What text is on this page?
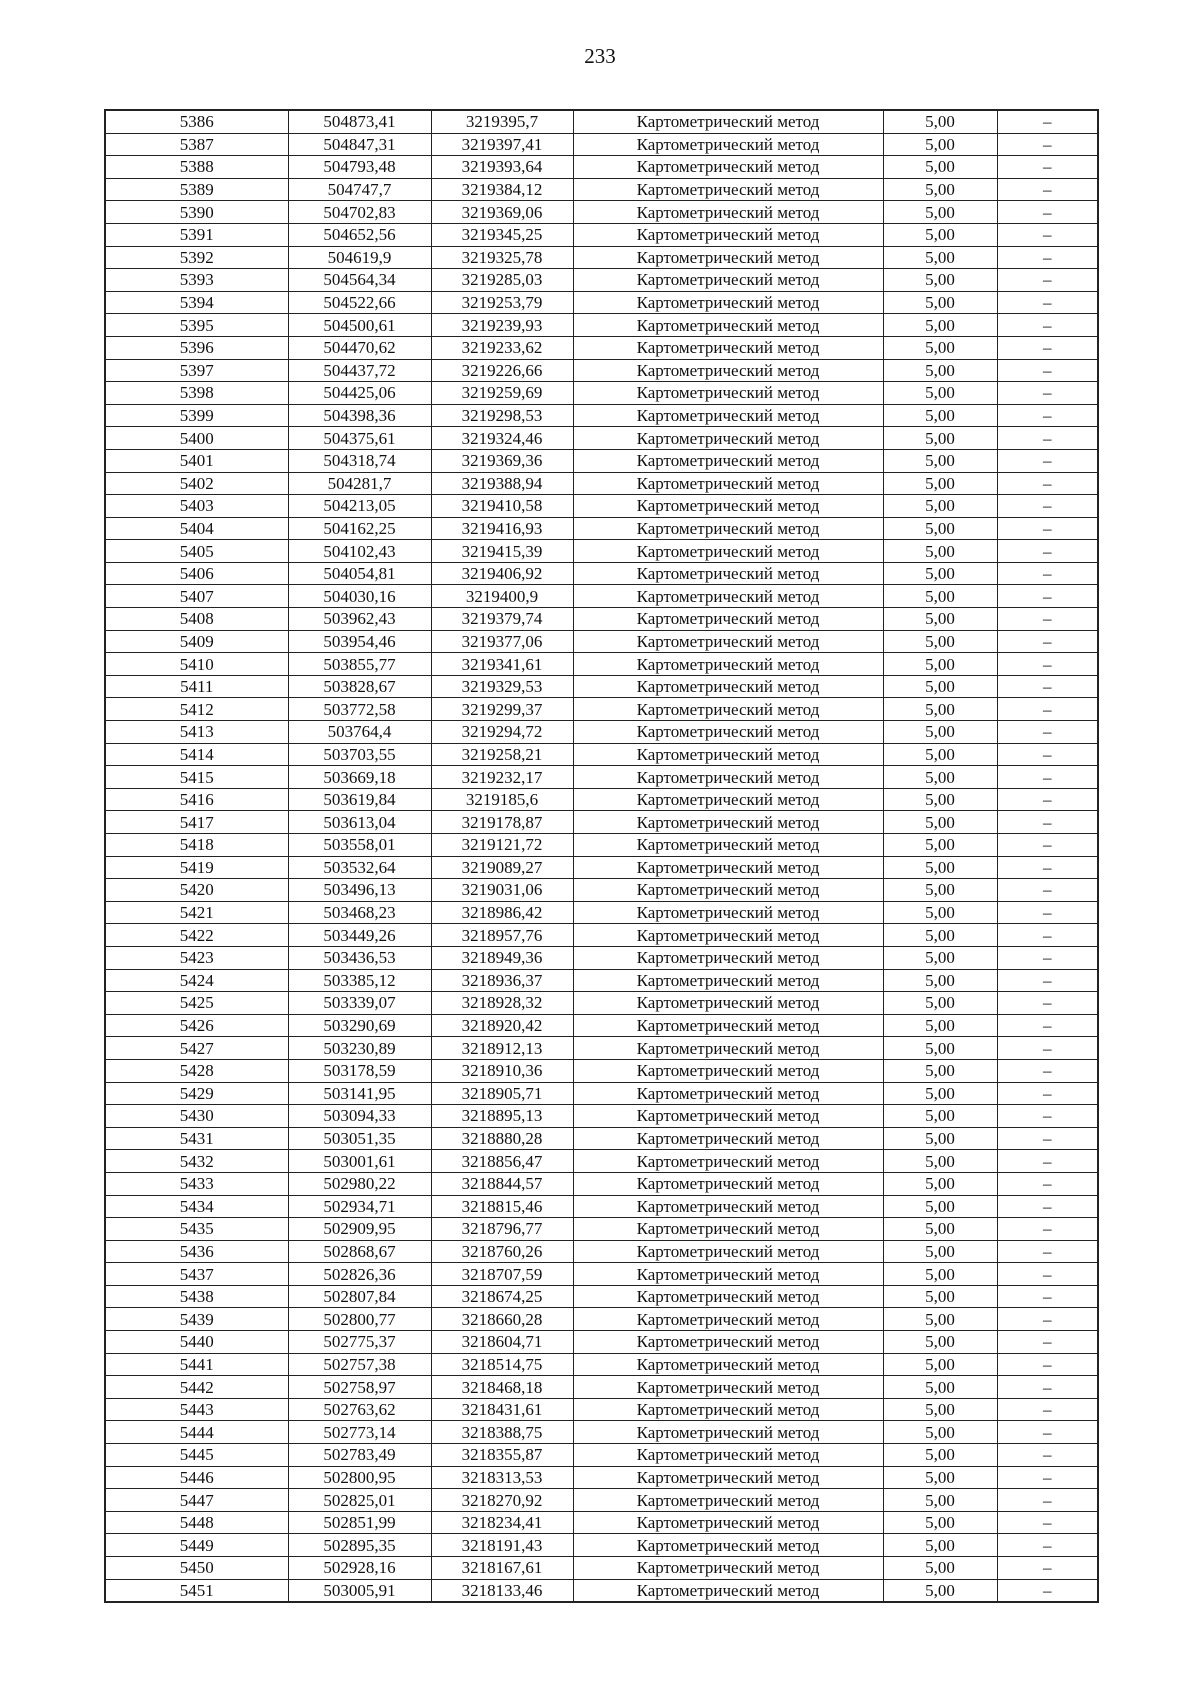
233
5386	504873,41	3219395,7	Картометрический метод	5,00	–
5387	504847,31	3219397,41	Картометрический метод	5,00	–
5388	504793,48	3219393,64	Картометрический метод	5,00	–
5389	504747,7	3219384,12	Картометрический метод	5,00	–
5390	504702,83	3219369,06	Картометрический метод	5,00	–
5391	504652,56	3219345,25	Картометрический метод	5,00	–
5392	504619,9	3219325,78	Картометрический метод	5,00	–
5393	504564,34	3219285,03	Картометрический метод	5,00	–
5394	504522,66	3219253,79	Картометрический метод	5,00	–
5395	504500,61	3219239,93	Картометрический метод	5,00	–
5396	504470,62	3219233,62	Картометрический метод	5,00	–
5397	504437,72	3219226,66	Картометрический метод	5,00	–
5398	504425,06	3219259,69	Картометрический метод	5,00	–
5399	504398,36	3219298,53	Картометрический метод	5,00	–
5400	504375,61	3219324,46	Картометрический метод	5,00	–
5401	504318,74	3219369,36	Картометрический метод	5,00	–
5402	504281,7	3219388,94	Картометрический метод	5,00	–
5403	504213,05	3219410,58	Картометрический метод	5,00	–
5404	504162,25	3219416,93	Картометрический метод	5,00	–
5405	504102,43	3219415,39	Картометрический метод	5,00	–
5406	504054,81	3219406,92	Картометрический метод	5,00	–
5407	504030,16	3219400,9	Картометрический метод	5,00	–
5408	503962,43	3219379,74	Картометрический метод	5,00	–
5409	503954,46	3219377,06	Картометрический метод	5,00	–
5410	503855,77	3219341,61	Картометрический метод	5,00	–
5411	503828,67	3219329,53	Картометрический метод	5,00	–
5412	503772,58	3219299,37	Картометрический метод	5,00	–
5413	503764,4	3219294,72	Картометрический метод	5,00	–
5414	503703,55	3219258,21	Картометрический метод	5,00	–
5415	503669,18	3219232,17	Картометрический метод	5,00	–
5416	503619,84	3219185,6	Картометрический метод	5,00	–
5417	503613,04	3219178,87	Картометрический метод	5,00	–
5418	503558,01	3219121,72	Картометрический метод	5,00	–
5419	503532,64	3219089,27	Картометрический метод	5,00	–
5420	503496,13	3219031,06	Картометрический метод	5,00	–
5421	503468,23	3218986,42	Картометрический метод	5,00	–
5422	503449,26	3218957,76	Картометрический метод	5,00	–
5423	503436,53	3218949,36	Картометрический метод	5,00	–
5424	503385,12	3218936,37	Картометрический метод	5,00	–
5425	503339,07	3218928,32	Картометрический метод	5,00	–
5426	503290,69	3218920,42	Картометрический метод	5,00	–
5427	503230,89	3218912,13	Картометрический метод	5,00	–
5428	503178,59	3218910,36	Картометрический метод	5,00	–
5429	503141,95	3218905,71	Картометрический метод	5,00	–
5430	503094,33	3218895,13	Картометрический метод	5,00	–
5431	503051,35	3218880,28	Картометрический метод	5,00	–
5432	503001,61	3218856,47	Картометрический метод	5,00	–
5433	502980,22	3218844,57	Картометрический метод	5,00	–
5434	502934,71	3218815,46	Картометрический метод	5,00	–
5435	502909,95	3218796,77	Картометрический метод	5,00	–
5436	502868,67	3218760,26	Картометрический метод	5,00	–
5437	502826,36	3218707,59	Картометрический метод	5,00	–
5438	502807,84	3218674,25	Картометрический метод	5,00	–
5439	502800,77	3218660,28	Картометрический метод	5,00	–
5440	502775,37	3218604,71	Картометрический метод	5,00	–
5441	502757,38	3218514,75	Картометрический метод	5,00	–
5442	502758,97	3218468,18	Картометрический метод	5,00	–
5443	502763,62	3218431,61	Картометрический метод	5,00	–
5444	502773,14	3218388,75	Картометрический метод	5,00	–
5445	502783,49	3218355,87	Картометрический метод	5,00	–
5446	502800,95	3218313,53	Картометрический метод	5,00	–
5447	502825,01	3218270,92	Картометрический метод	5,00	–
5448	502851,99	3218234,41	Картометрический метод	5,00	–
5449	502895,35	3218191,43	Картометрический метод	5,00	–
5450	502928,16	3218167,61	Картометрический метод	5,00	–
5451	503005,91	3218133,46	Картометрический метод	5,00	–
